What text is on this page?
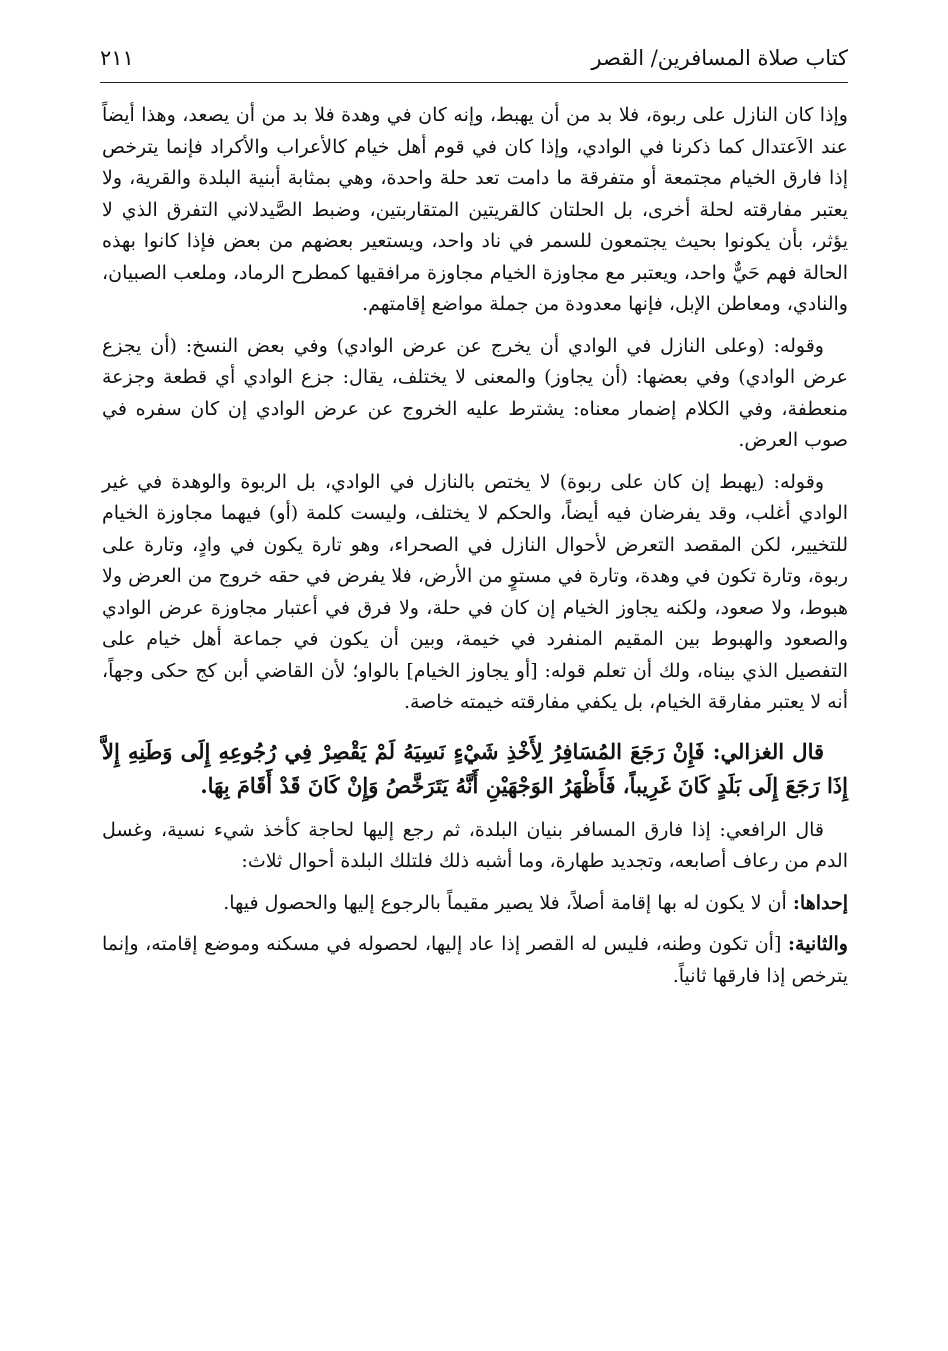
كتاب صلاة المسافرين/ القصر
٢١١

وإذا كان النازل على ربوة، فلا بد من أن يهبط، وإنه كان في وهدة فلا بد من أن يصعد، وهذا أيضاً عند الاَعتدال كما ذكرنا في الوادي، وإذا كان في قوم أهل خيام كالأعراب والأكراد فإنما يترخص إذا فارق الخيام مجتمعة أو متفرقة ما دامت تعد حلة واحدة، وهي بمثابة أبنية البلدة والقرية، ولا يعتبر مفارقته لحلة أخرى، بل الحلتان كالقريتين المتقاربتين، وضبط الصَّيدلاني التفرق الذي لا يؤثر، بأن يكونوا بحيث يجتمعون للسمر في ناد واحد، ويستعير بعضهم من بعض فإذا كانوا بهذه الحالة فهم حَيٌّ واحد، ويعتبر مع مجاوزة الخيام مجاوزة مرافقيها كمطرح الرماد، وملعب الصبيان، والنادي، ومعاطن الإبل، فإنها معدودة من جملة مواضع إقامتهم.

وقوله: (وعلى النازل في الوادي أن يخرج عن عرض الوادي) وفي بعض النسخ: (أن يجزع عرض الوادي) وفي بعضها: (أن يجاوز) والمعنى لا يختلف، يقال: جزع الوادي أي قطعة وجزعة منعطفة، وفي الكلام إضمار معناه: يشترط عليه الخروج عن عرض الوادي إن كان سفره في صوب العرض.

وقوله: (يهبط إن كان على ربوة) لا يختص بالنازل في الوادي، بل الربوة والوهدة في غير الوادي أغلب، وقد يفرضان فيه أيضاً، والحكم لا يختلف، وليست كلمة (أو) فيهما مجاوزة الخيام للتخيير، لكن المقصد التعرض لأحوال النازل في الصحراء، وهو تارة يكون في وادٍ، وتارة على ربوة، وتارة تكون في وهدة، وتارة في مستوٍ من الأرض، فلا يفرض في حقه خروج من العرض ولا هبوط، ولا صعود، ولكنه يجاوز الخيام إن كان في حلة، ولا فرق في أعتبار مجاوزة عرض الوادي والصعود والهبوط بين المقيم المنفرد في خيمة، وبين أن يكون في جماعة أهل خيام على التفصيل الذي بيناه، ولك أن تعلم قوله: [أو يجاوز الخيام] بالواو؛ لأن القاضي أبن كج حكى وجهاً، أنه لا يعتبر مفارقة الخيام، بل يكفي مفارقته خيمته خاصة.

قال الغزالي: فَإِنْ رَجَعَ المُسَافِرُ لِأَخْذِ شَيْءٍ نَسِيَهُ لَمْ يَقْصِرْ فِي رُجُوعِهِ إِلَى وَطَنِهِ إِلاَّ إِذَا رَجَعَ إِلَى بَلَدٍ كَانَ غَرِيباً، فَأَظْهَرُ الوَجْهَيْنِ أَنَّهُ يَتَرَخَّصُ وَإِنْ كَانَ قَدْ أَقَامَ بِهَا.

قال الرافعي: إذا فارق المسافر بنيان البلدة، ثم رجع إليها لحاجة كأخذ شيء نسية، وغسل الدم من رعاف أصابعه، وتجديد طهارة، وما أشبه ذلك فلتلك البلدة أحوال ثلاث:

إحداها: أن لا يكون له بها إقامة أصلاً، فلا يصير مقيماً بالرجوع إليها والحصول فيها.

والثانية: [أن تكون وطنه، فليس له القصر إذا عاد إليها، لحصوله في مسكنه وموضع إقامته، وإنما يترخص إذا فارقها ثانياً.
